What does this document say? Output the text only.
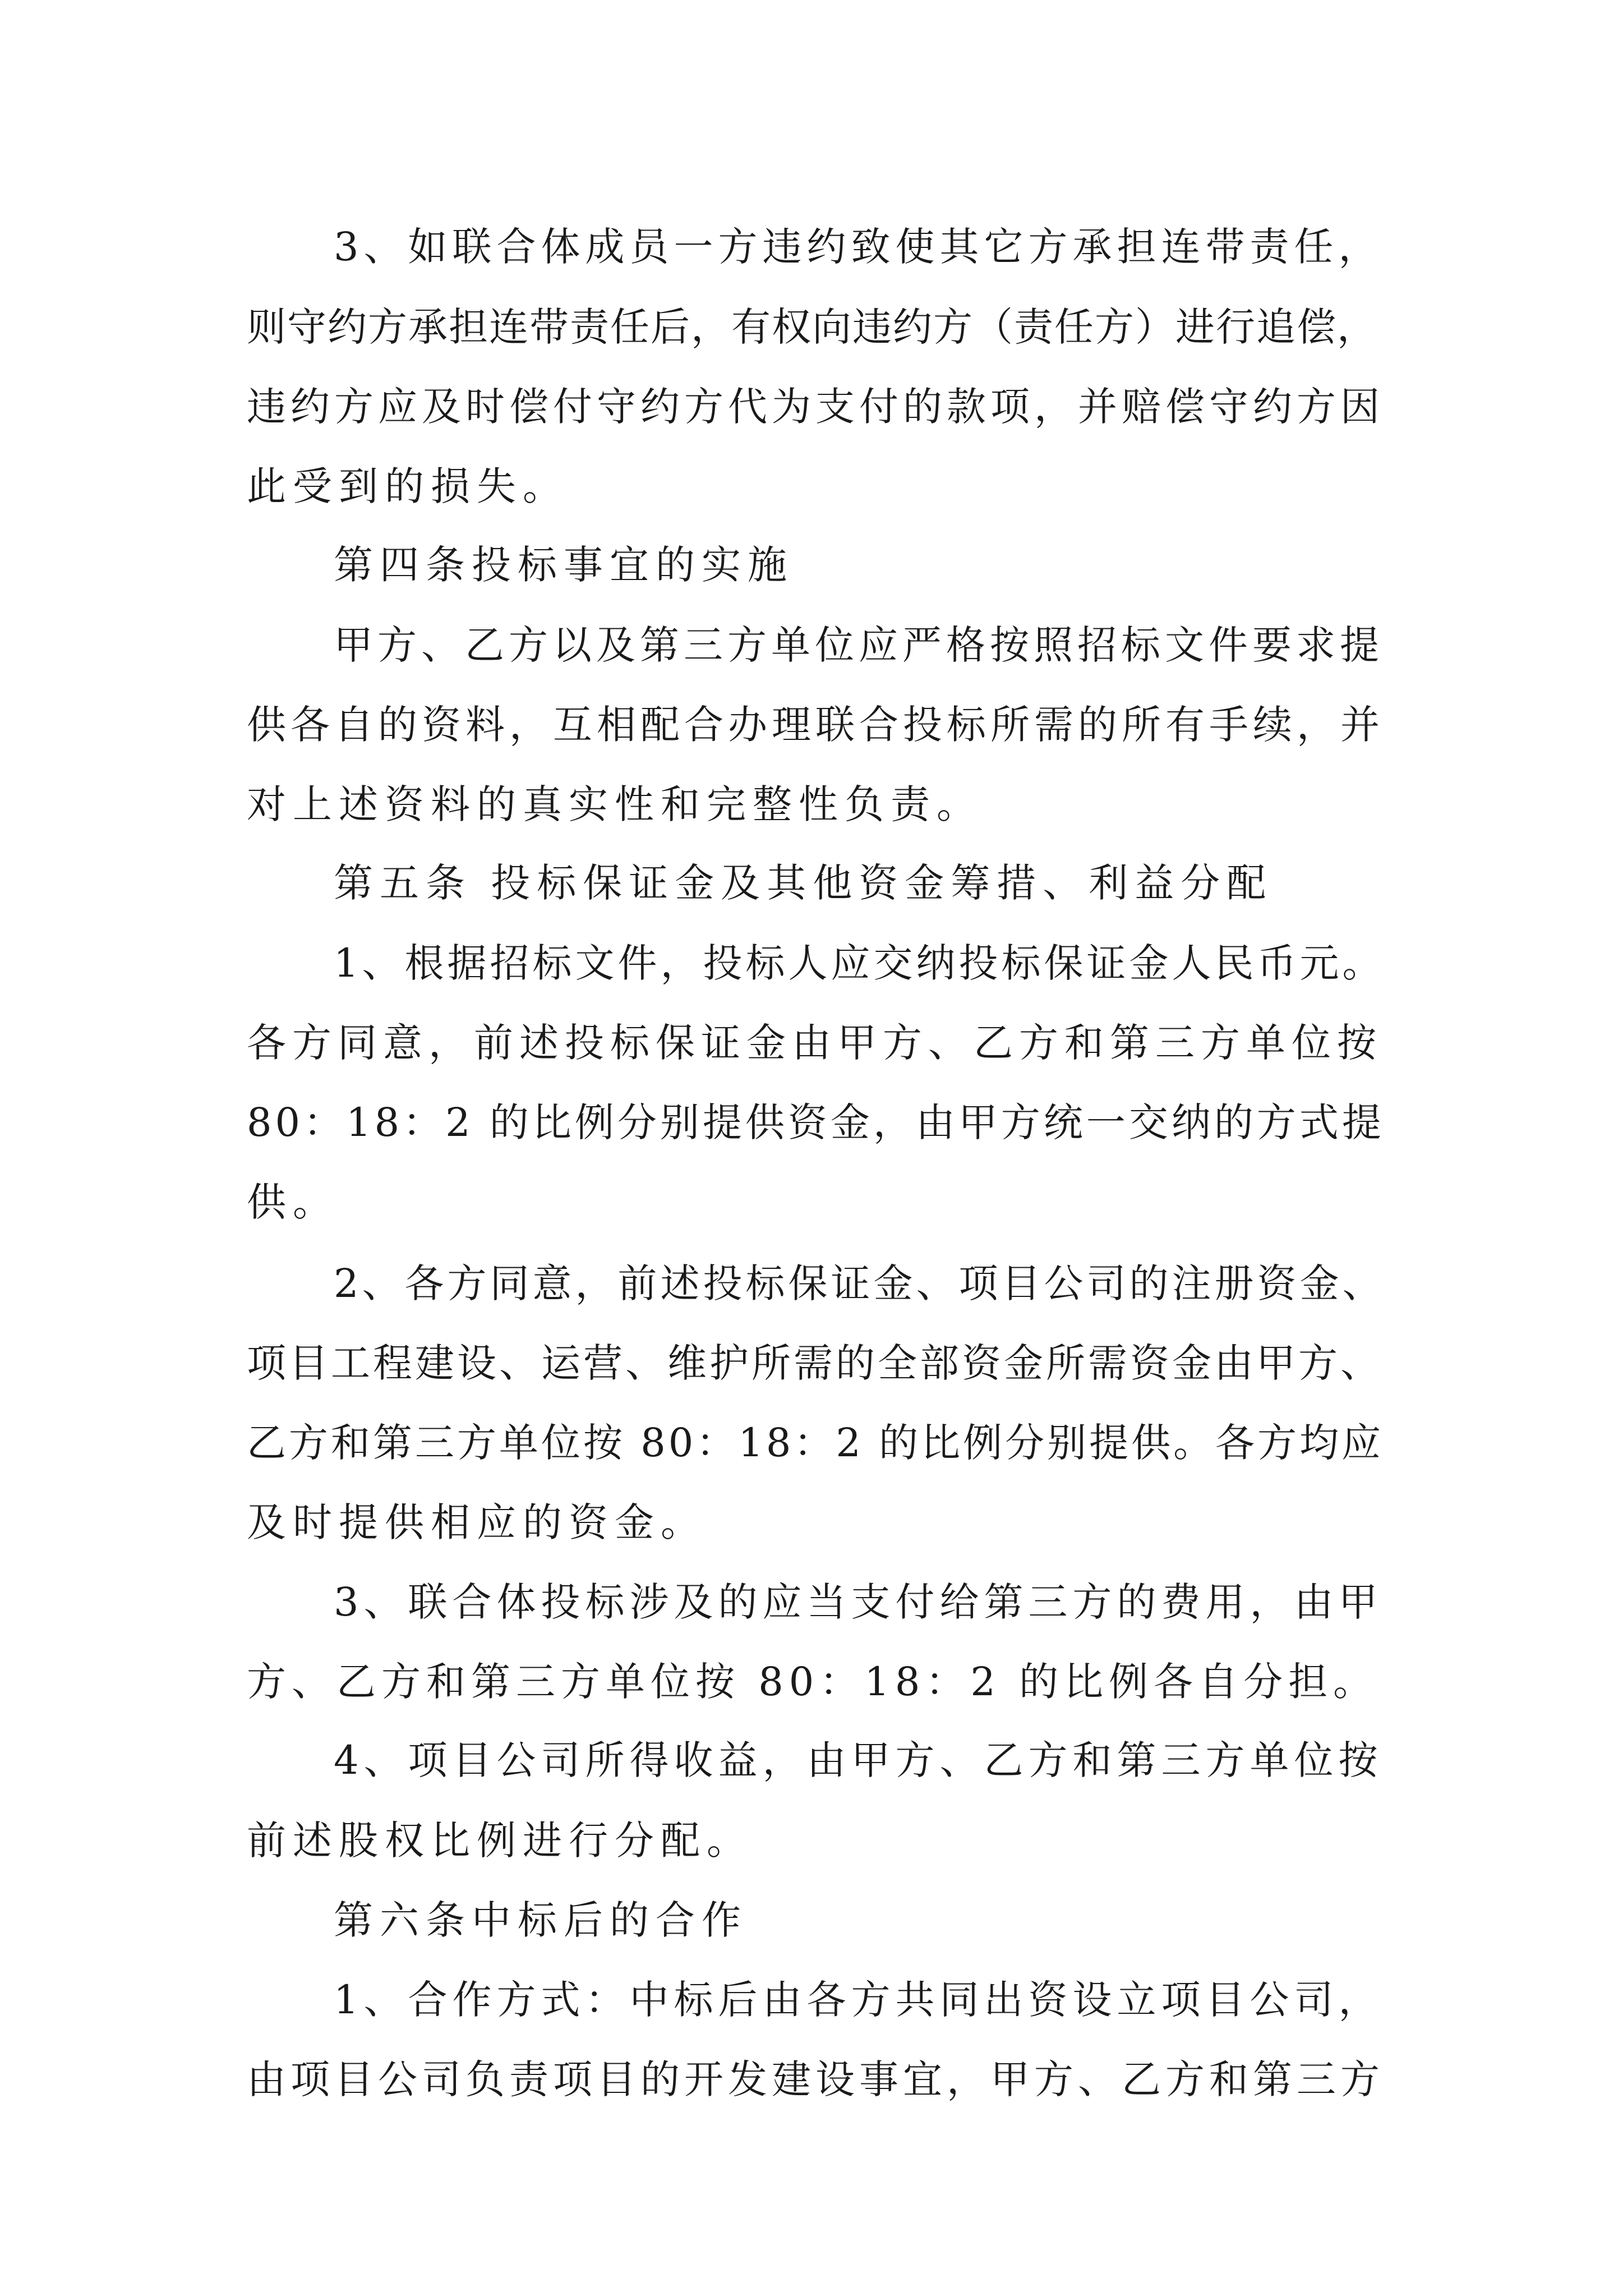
3、如联合体成员一方违约致使其它方承担连带责任，

则守约方承担连带责任后，有权向违约方（责任方）进行追偿，

违约方应及时偿付守约方代为支付的款项，并赔偿守约方因

此受到的损失。

第四条投标事宜的实施

甲方、乙方以及第三方单位应严格按照招标文件要求提

供各自的资料，互相配合办理联合投标所需的所有手续，并

对上述资料的真实性和完整性负责。

第五条 投标保证金及其他资金筹措、利益分配

1、根据招标文件，投标人应交纳投标保证金人民币元。

各方同意，前述投标保证金由甲方、乙方和第三方单位按

80：18：2 的比例分别提供资金，由甲方统一交纳的方式提

供。

2、各方同意，前述投标保证金、项目公司的注册资金、

项目工程建设、运营、维护所需的全部资金所需资金由甲方、

乙方和第三方单位按 80：18：2 的比例分别提供。各方均应

及时提供相应的资金。

3、联合体投标涉及的应当支付给第三方的费用，由甲

方、乙方和第三方单位按 80：18：2 的比例各自分担。

4、项目公司所得收益，由甲方、乙方和第三方单位按

前述股权比例进行分配。

第六条中标后的合作

1、合作方式：中标后由各方共同出资设立项目公司，

由项目公司负责项目的开发建设事宜，甲方、乙方和第三方
